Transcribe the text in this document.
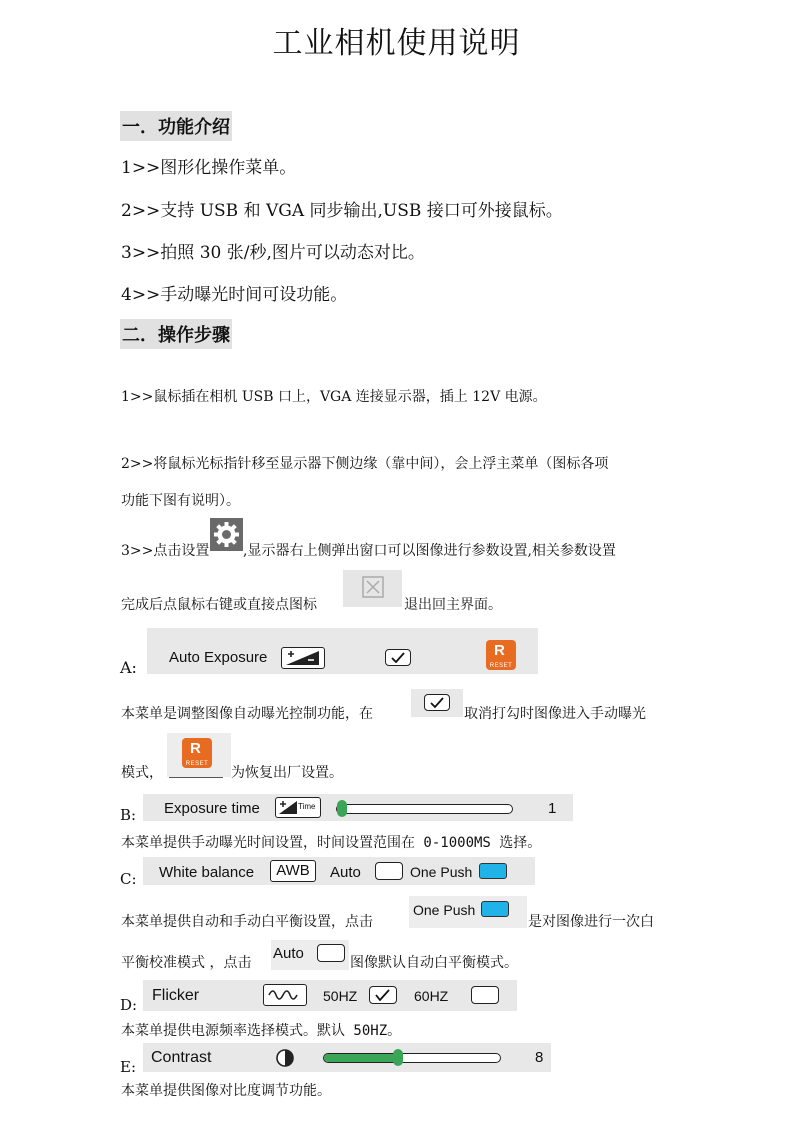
工业相机使用说明
一．功能介绍
1>>图形化操作菜单。
2>>支持 USB 和 VGA 同步输出,USB 接口可外接鼠标。
3>>拍照 30 张/秒,图片可以动态对比。
4>>手动曝光时间可设功能。
二．操作步骤
1>>鼠标插在相机 USB 口上，VGA 连接显示器，插上 12V 电源。
2>>将鼠标光标指针移至显示器下侧边缘（靠中间），会上浮主菜单（图标各项
功能下图有说明）。
3>>点击设置 ,显示器右上侧弹出窗口可以图像进行参数设置,相关参数设置
完成后点鼠标右键或直接点图标	退出回主界面。
A:
Auto Exposure	R
RESET
本菜单是调整图像自动曝光控制功能，在	取消打勾时图像进入手动曝光
模式，
R
RESET
为恢复出厂设置。
B: Exposure time	Time	1
本菜单提供手动曝光时间设置，时间设置范围在 0-1000MS 选择。
C: White balance	AWB	Auto	One Push
本菜单提供自动和手动白平衡设置，点击
One Push
是对图像进行一次白
平衡校准模式 ，点击
Auto
图像默认自动白平衡模式。
D:
Flicker	50HZ	60HZ
本菜单提供电源频率选择模式。默认 50HZ。
E:
Contrast	8
本菜单提供图像对比度调节功能。
